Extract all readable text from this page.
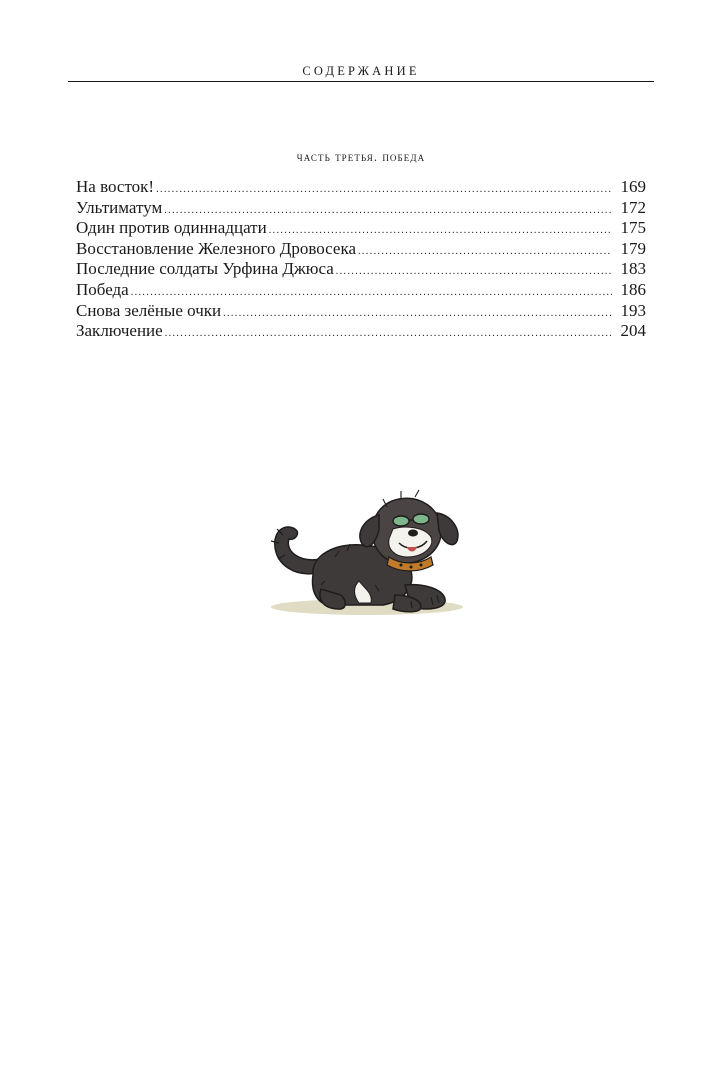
СОДЕРЖАНИЕ
часть третья. победа
На восток! .....	169
Ультиматум .....	172
Один против одиннадцати .....	175
Восстановление Железного Дровосека .....	179
Последние солдаты Урфина Джюса .....	183
Победа .....	186
Снова зелёные очки .....	193
Заключение .....	204
